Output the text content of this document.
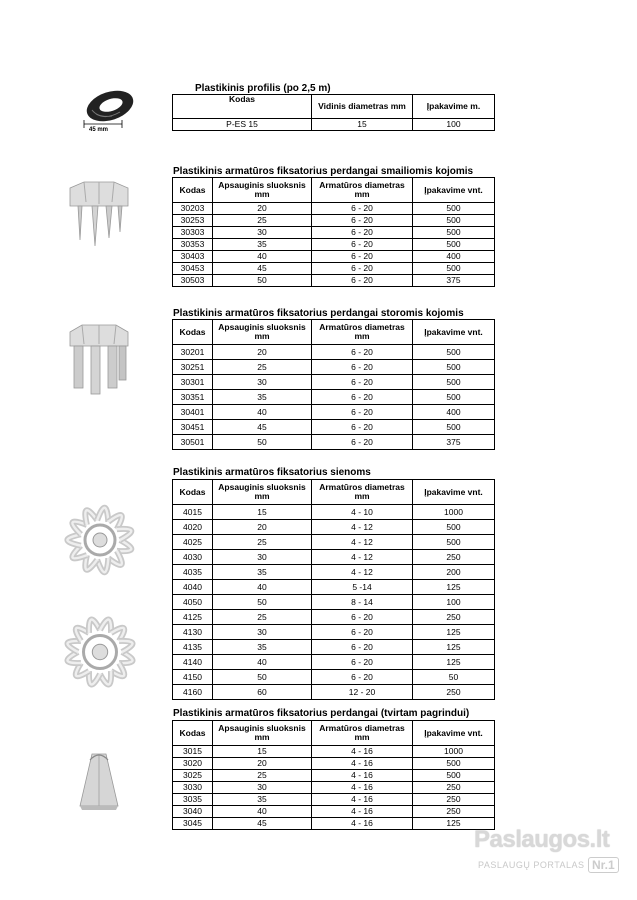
Plastikinis profilis (po 2,5 m)
45 mm
Kodas	Vidinis diametras mm	Įpakavime m.
P-ES 15	15	100
Plastikinis armatūros fiksatorius perdangai smailiomis kojomis
Kodas	Apsauginis sluoksnis mm	Armatūros diametras mm	Įpakavime vnt.
30203	20	6 - 20	500
30253	25	6 - 20	500
30303	30	6 - 20	500
30353	35	6 - 20	500
30403	40	6 - 20	400
30453	45	6 - 20	500
30503	50	6 - 20	375
Plastikinis armatūros fiksatorius perdangai storomis kojomis
Kodas	Apsauginis sluoksnis mm	Armatūros diametras mm	Įpakavime vnt.
30201	20	6 - 20	500
30251	25	6 - 20	500
30301	30	6 - 20	500
30351	35	6 - 20	500
30401	40	6 - 20	400
30451	45	6 - 20	500
30501	50	6 - 20	375
Plastikinis armatūros fiksatorius sienoms
Kodas	Apsauginis sluoksnis mm	Armatūros diametras mm	Įpakavime vnt.
4015	15	4 - 10	1000
4020	20	4 - 12	500
4025	25	4 - 12	500
4030	30	4 - 12	250
4035	35	4 - 12	200
4040	40	5 -14	125
4050	50	8 - 14	100
4125	25	6 - 20	250
4130	30	6 - 20	125
4135	35	6 - 20	125
4140	40	6 - 20	125
4150	50	6 - 20	50
4160	60	12 - 20	250
Plastikinis armatūros fiksatorius perdangai (tvirtam pagrindui)
Kodas	Apsauginis sluoksnis mm	Armatūros diametras mm	Įpakavime vnt.
3015	15	4 - 16	1000
3020	20	4 - 16	500
3025	25	4 - 16	500
3030	30	4 - 16	250
3035	35	4 - 16	250
3040	40	4 - 16	250
3045	45	4 - 16	125
Paslaugos.lt
PASLAUGŲ PORTALAS Nr.1
